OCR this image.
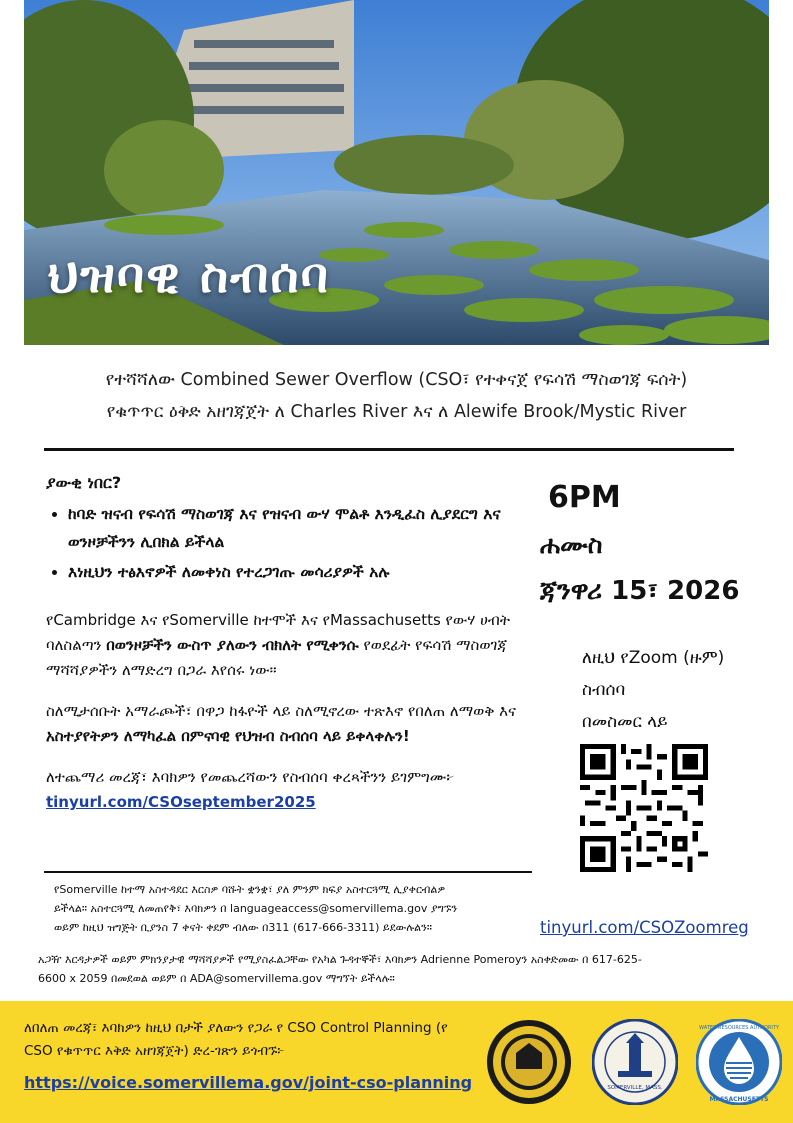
ህዝባዊ ስብሰባ
የተሻሻለው Combined Sewer Overflow (CSO፣ የተቀናጀ የፍሳሽ ማስወገጃ ፍሰት)
የቁጥጥር ዕቅድ አዘገጃጀት ለ Charles River እና ለ Alewife Brook/Mystic River
ያውቂ ነበር?
• ከባድ ዝናብ የፍሳሽ ማስወገጃ እና የዝናብ ውሃ ሞልቶ እንዲፈስ ሊያደርግ እና ወንዞቻችንን ሊበክል ይችላል
• እነዚህን ተፅእኖዎች ለመቀነስ የተረጋገጡ መሳሪያዎች አሉ
የCambridge እና የSomerville ከተሞች እና የMassachusetts የውሃ ሀብት ባለስልጣን በወንዞቻችን ውስጥ ያለውን ብክለት የሚቀንሱ የወደፊት የፍሳሽ ማስወገጃ ማሻሻያዎችን ለማድረግ በጋራ እየሰሩ ነው።
ስለሚታሰቡት አማራጮች፣ በዋጋ ከፋዮች ላይ ስለሚኖረው ተጽእኖ የበለጠ ለማወቅ እና አስተያየትዎን ለማካፈል በምናባዊ የህዝብ ስብሰባ ላይ ይቀላቀሉን!
ለተጨማሪ መረጃ፣ እባክዎን የመጨረሻውን የስብሰባ ቀረጻችንን ይገምግሙ፦ tinyurl.com/CSOseptember2025
6PM
ሐሙስ
ጃንዋሪ 15፣ 2026
ለዚህ የZoom (ዙም)
ስብሰባ
በመስመር ላይ
tinyurl.com/CSOZoomreg
የSomerville ከተማ አስተዳደር እርስዎ ባሹት ቋንቋ፣ ያለ ምንም ክፍያ አስተርጓሚ ሊያቀርብልዎ
ይችላል። አስተርጓሚ ለመጠየቅ፣ እባክዎን በ languageaccess@somervillema.gov ያግኙን
ወይም ከዚህ ዝግጅት ቢያንስ 7 ቀናት ቀደም ብለው በ311 (617-666-3311) ይደውሉልን።
አጋዥ እርዳታዎች ወይም ምክንያታዊ ማሻሻያዎች የሚያስፈልጋቸው የአካል ጉዳተኞች፣ እባክዎን Adrienne Pomeroyን አስቀድመው በ 617-625-
6600 x 2059 በመደወል ወይም በ ADA@somervillema.gov ማግኘት ይችላሉ።
ለበለጠ መረጃ፣ እባክዎን ከዚህ በታች ያለውን የጋራ የ CSO Control Planning (የ CSO የቁጥጥር እቅድ አዘገጃጀት) ድረ-ገጽን ይጎብኙ፦
https://voice.somervillema.gov/joint-cso-planning	SOMERVILLE, MASS.
WATER RESOURCES AUTHORITY
MASSACHUSETTS
